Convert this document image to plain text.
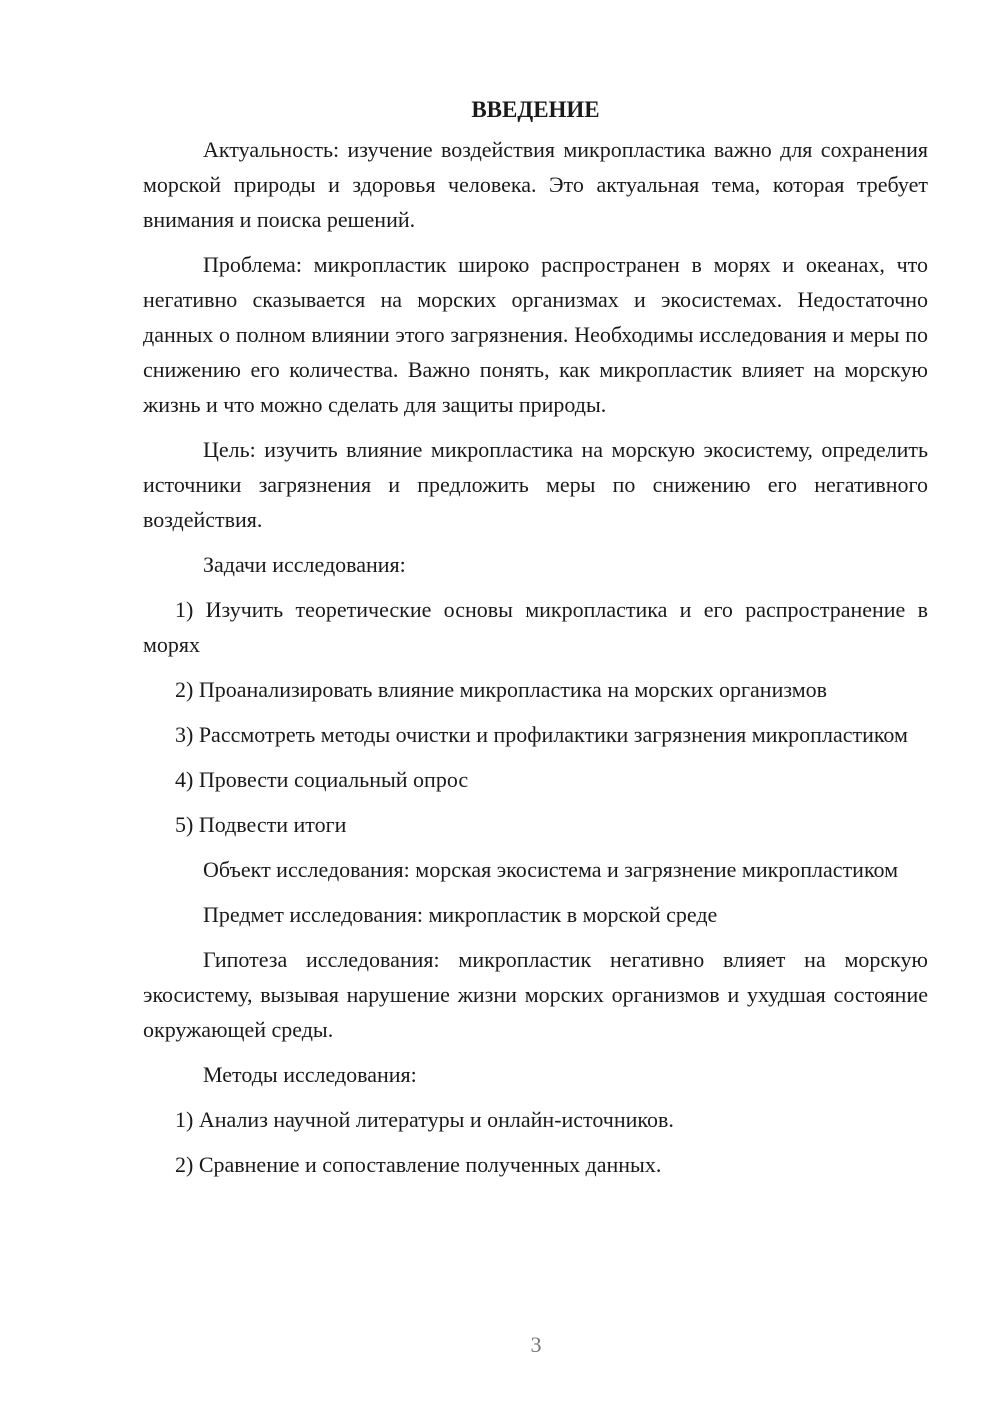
ВВЕДЕНИЕ

Актуальность: изучение воздействия микропластика важно для сохранения морской природы и здоровья человека. Это актуальная тема, которая требует внимания и поиска решений.

Проблема: микропластик широко распространен в морях и океанах, что негативно сказывается на морских организмах и экосистемах. Недостаточно данных о полном влиянии этого загрязнения. Необходимы исследования и меры по снижению его количества. Важно понять, как микропластик влияет на морскую жизнь и что можно сделать для защиты природы.

Цель: изучить влияние микропластика на морскую экосистему, определить источники загрязнения и предложить меры по снижению его негативного воздействия.

Задачи исследования:

1) Изучить теоретические основы микропластика и его распространение в морях

2) Проанализировать влияние микропластика на морских организмов

3) Рассмотреть методы очистки и профилактики загрязнения микропластиком

4) Провести социальный опрос

5) Подвести итоги

Объект исследования: морская экосистема и загрязнение микропластиком

Предмет исследования: микропластик в морской среде

Гипотеза исследования: микропластик негативно влияет на морскую экосистему, вызывая нарушение жизни морских организмов и ухудшая состояние окружающей среды.

Методы исследования:

1) Анализ научной литературы и онлайн-источников.

2) Сравнение и сопоставление полученных данных.

3
